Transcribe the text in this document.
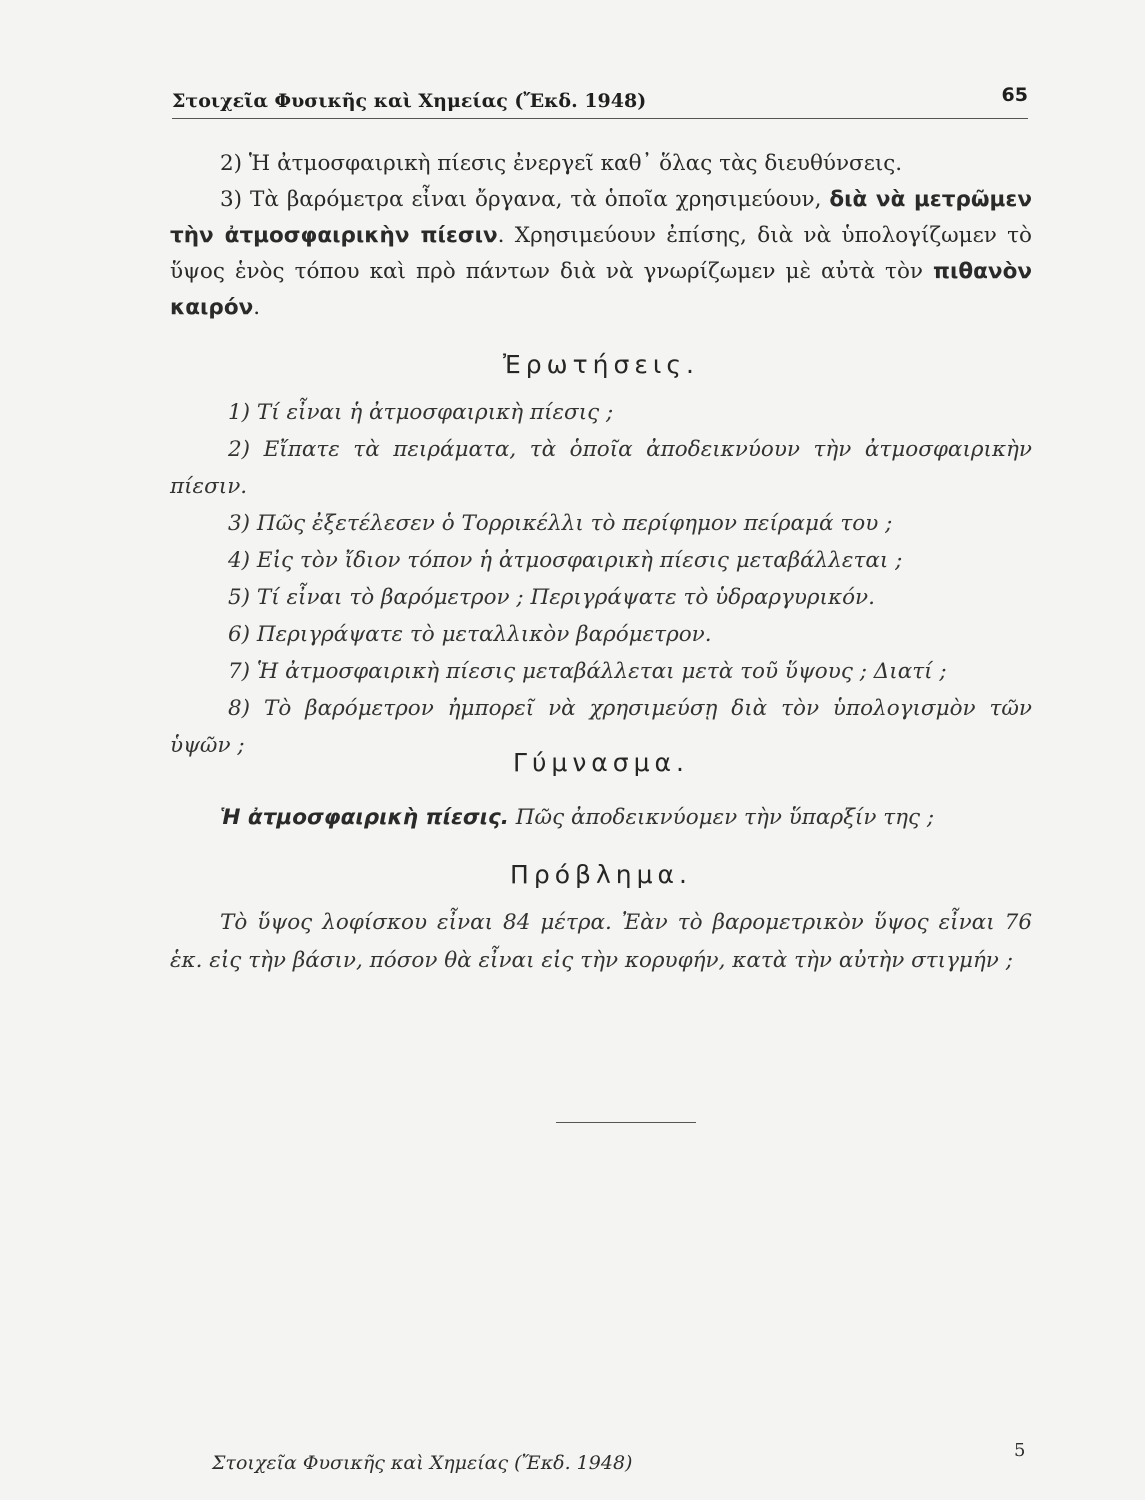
Στοιχεῖα Φυσικῆς καὶ Χημείας (Ἔκδ. 1948)	65

2) Ἡ ἀτμοσφαιρικὴ πίεσις ἐνεργεῖ καθ᾽ ὅλας τὰς διευθύνσεις.

3) Τὰ βαρόμετρα εἶναι ὄργανα, τὰ ὁποῖα χρησιμεύουν, διὰ νὰ μετρῶμεν τὴν ἀτμοσφαιρικὴν πίεσιν. Χρησιμεύουν ἐπίσης, διὰ νὰ ὑπολογίζωμεν τὸ ὕψος ἑνὸς τόπου καὶ πρὸ πάντων διὰ νὰ γνωρίζωμεν μὲ αὐτὰ τὸν πιθανὸν καιρόν.

Ἐρωτήσεις.

1) Τί εἶναι ἡ ἀτμοσφαιρικὴ πίεσις ;

2) Εἴπατε τὰ πειράματα, τὰ ὁποῖα ἀποδεικνύουν τὴν ἀτμοσφαιρικὴν πίεσιν.

3) Πῶς ἐξετέλεσεν ὁ Τορρικέλλι τὸ περίφημον πείραμά του ;

4) Εἰς τὸν ἴδιον τόπον ἡ ἀτμοσφαιρικὴ πίεσις μεταβάλλεται ;

5) Τί εἶναι τὸ βαρόμετρον ; Περιγράψατε τὸ ὑδραργυρικόν.

6) Περιγράψατε τὸ μεταλλικὸν βαρόμετρον.

7) Ἡ ἀτμοσφαιρικὴ πίεσις μεταβάλλεται μετὰ τοῦ ὕψους ; Διατί ;

8) Τὸ βαρόμετρον ἠμπορεῖ νὰ χρησιμεύσῃ διὰ τὸν ὑπολογισμὸν τῶν ὑψῶν ;

Γύμνασμα.

Ἡ ἀτμοσφαιρικὴ πίεσις. Πῶς ἀποδεικνύομεν τὴν ὕπαρξίν της ;

Πρόβλημα.

Τὸ ὕψος λοφίσκου εἶναι 84 μέτρα. Ἐὰν τὸ βαρομετρικὸν ὕψος εἶναι 76 ἑκ. εἰς τὴν βάσιν, πόσον θὰ εἶναι εἰς τὴν κορυφήν, κατὰ τὴν αὐτὴν στιγμήν ;

Στοιχεῖα Φυσικῆς καὶ Χημείας (Ἔκδ. 1948)
5
